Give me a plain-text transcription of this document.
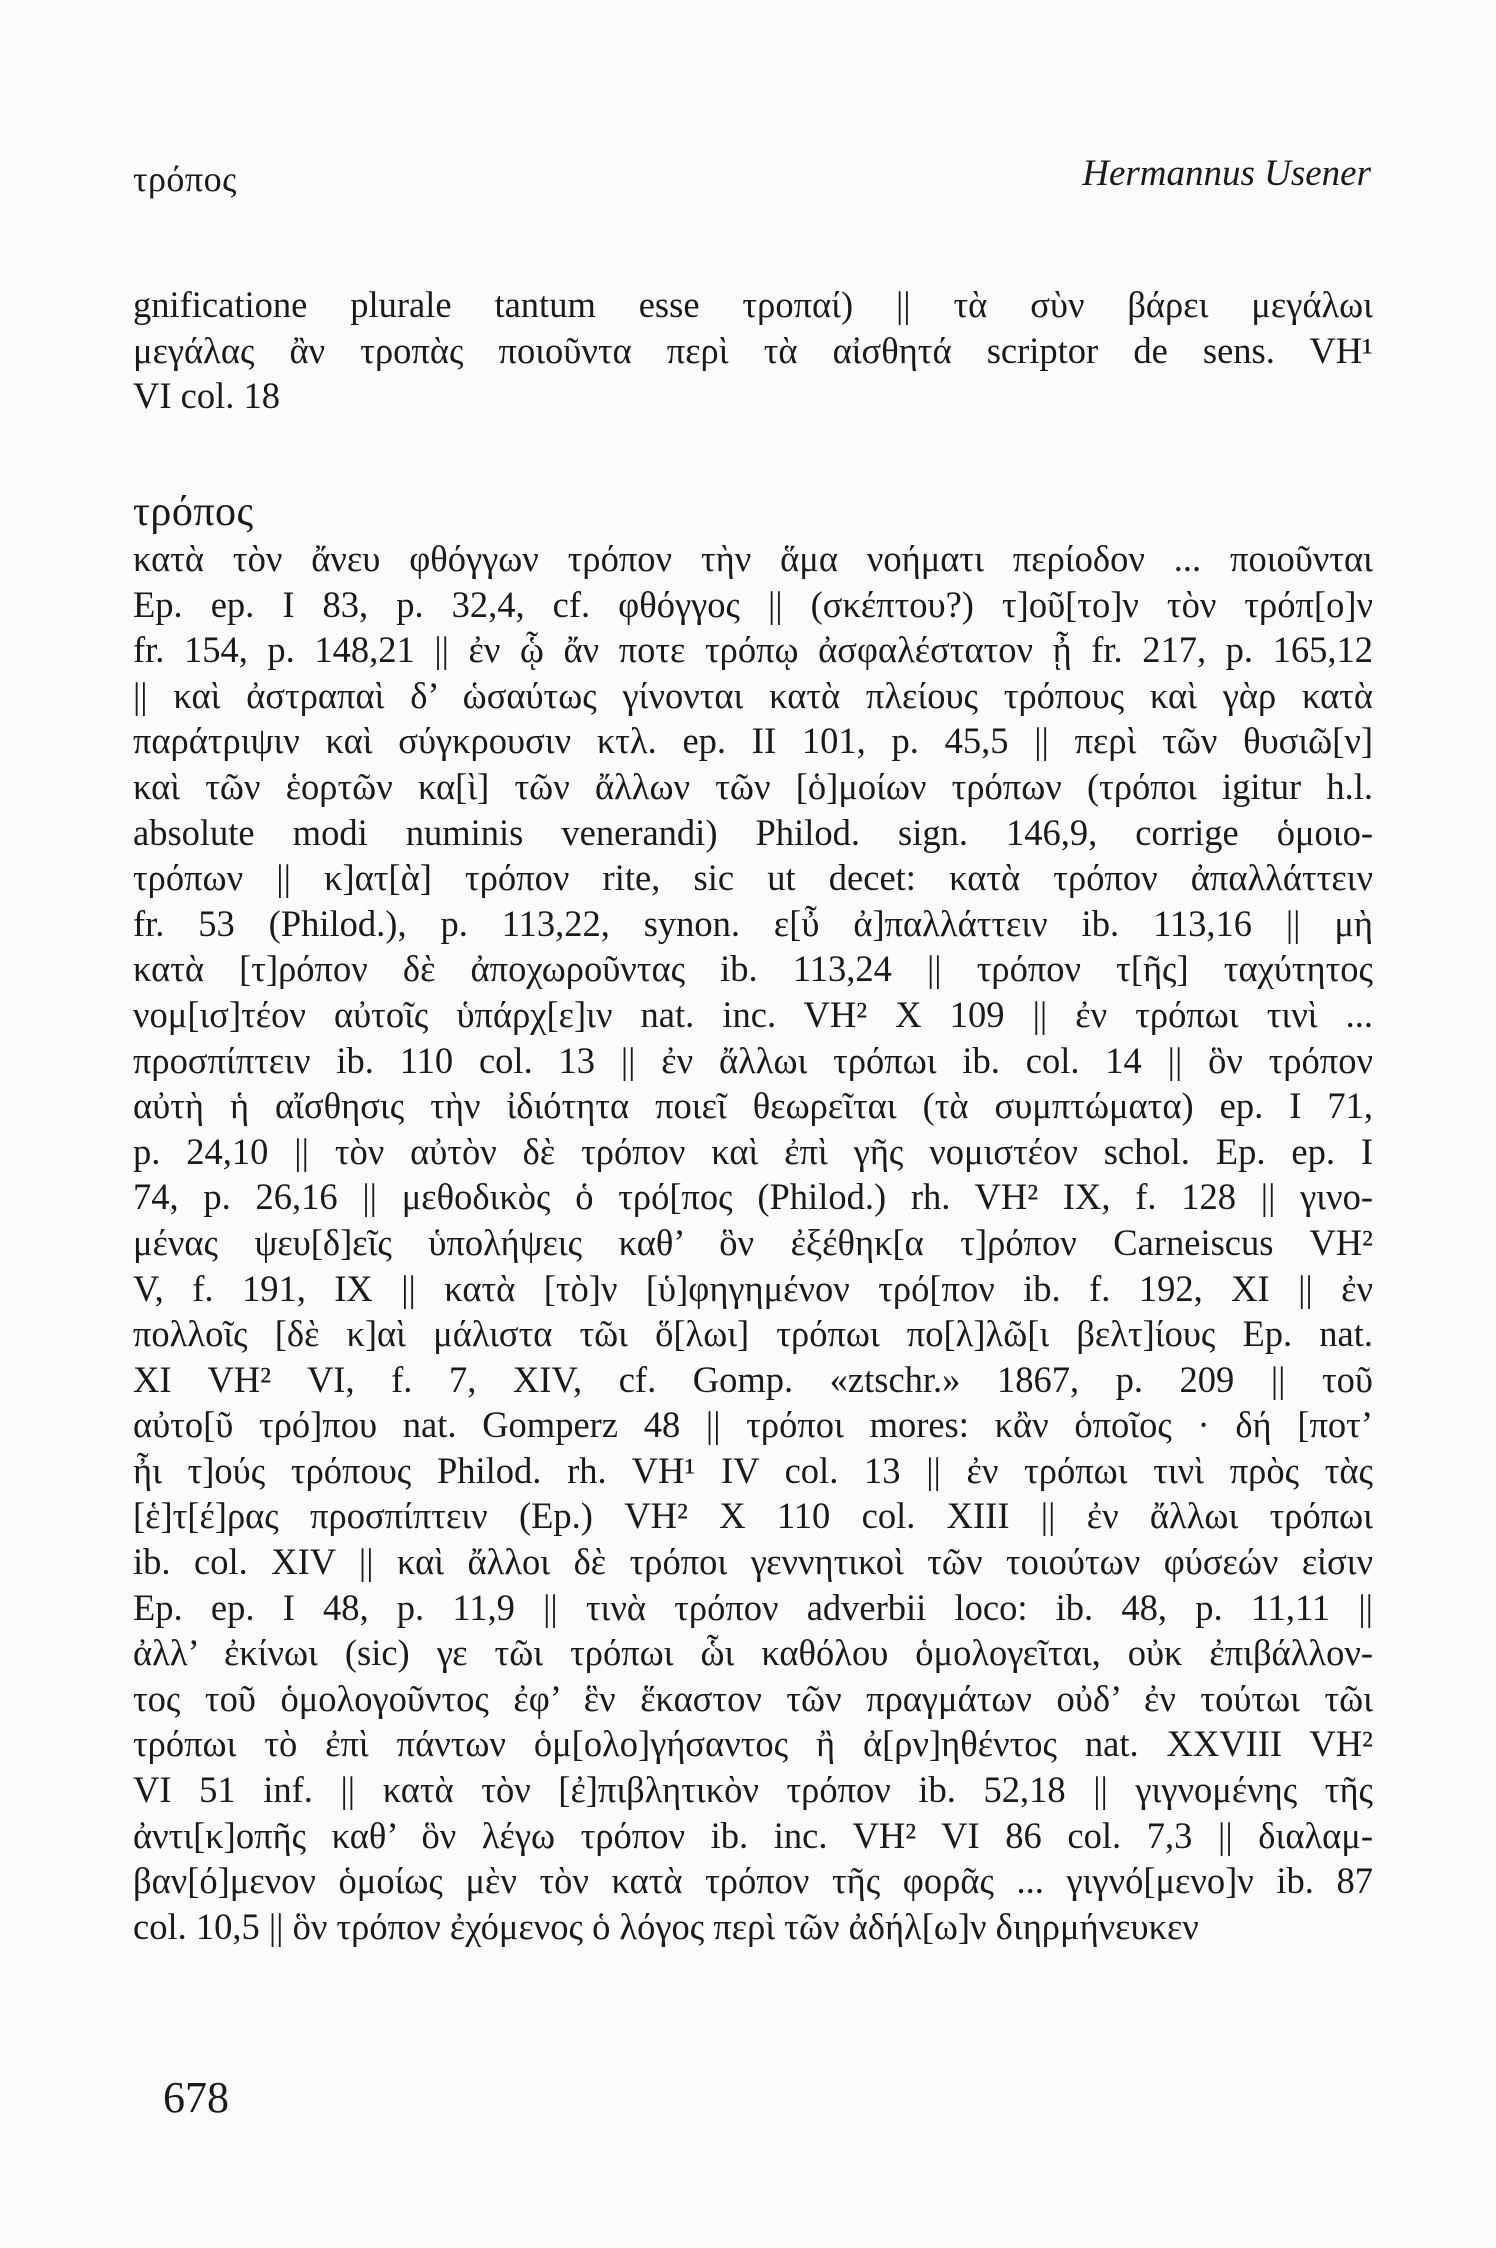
τρόπος	Hermannus Usener
gnificatione plurale tantum esse τροπαί) || τὰ σὺν βάρει μεγάλωι
μεγάλας ἂν τροπὰς ποιοῦντα περὶ τὰ αἰσθητά scriptor de sens. VH¹
VI col. 18
τρόπος
κατὰ τὸν ἄνευ φθόγγων τρόπον τὴν ἅμα νοήματι περίοδον ... ποιοῦνται
Ep. ep. I 83, p. 32,4, cf. φθόγγος || (σκέπτου?) τ]οῦ[το]ν τὸν τρόπ[ο]ν
fr. 154, p. 148,21 || ἐν ᾧ ἄν ποτε τρόπῳ ἀσφαλέστατον ᾖ fr. 217, p. 165,12
|| καὶ ἀστραπαὶ δ’ ὡσαύτως γίνονται κατὰ πλείους τρόπους καὶ γὰρ κατὰ
παράτριψιν καὶ σύγκρουσιν κτλ. ep. II 101, p. 45,5 || περὶ τῶν θυσιῶ[ν]
καὶ τῶν ἑορτῶν κα[ὶ] τῶν ἄλλων τῶν [ὁ]μοίων τρόπων (τρόποι igitur h.l.
absolute modi numinis venerandi) Philod. sign. 146,9, corrige ὁμοιο-
τρόπων || κ]ατ[ὰ] τρόπον rite, sic ut decet: κατὰ τρόπον ἀπαλλάττειν
fr. 53 (Philod.), p. 113,22, synon. ε[ὖ ἀ]παλλάττειν ib. 113,16 || μὴ
κατὰ [τ]ρόπον δὲ ἀποχωροῦντας ib. 113,24 || τρόπον τ[ῆς] ταχύτητος
νομ[ισ]τέον αὐτοῖς ὑπάρχ[ε]ιν nat. inc. VH² X 109 || ἐν τρόπωι τινὶ ...
προσπίπτειν ib. 110 col. 13 || ἐν ἄλλωι τρόπωι ib. col. 14 || ὃν τρόπον
αὐτὴ ἡ αἴσθησις τὴν ἰδιότητα ποιεῖ θεωρεῖται (τὰ συμπτώματα) ep. I 71,
p. 24,10 || τὸν αὐτὸν δὲ τρόπον καὶ ἐπὶ γῆς νομιστέον schol. Ep. ep. I
74, p. 26,16 || μεθοδικὸς ὁ τρό[πος (Philod.) rh. VH² IX, f. 128 || γινο-
μένας ψευ[δ]εῖς ὑπολήψεις καθ’ ὃν ἐξέθηκ[α τ]ρόπον Carneiscus VH²
V, f. 191, IX || κατὰ [τὸ]ν [ὑ]φηγημένον τρό[πον ib. f. 192, XI || ἐν
πολλοῖς [δὲ κ]αὶ μάλιστα τῶι ὅ[λωι] τρόπωι πο[λ]λῶ[ι βελτ]ίους Ep. nat.
XI VH² VI, f. 7, XIV, cf. Gomp. «ztschr.» 1867, p. 209 || τοῦ
αὐτο[ῦ τρό]που nat. Gomperz 48 || τρόποι mores: κἂν ὁποῖος · δή [ποτ’
ἦι τ]ούς τρόπους Philod. rh. VH¹ IV col. 13 || ἐν τρόπωι τινὶ πρὸς τὰς
[ἑ]τ[έ]ρας προσπίπτειν (Ep.) VH² X 110 col. XIII || ἐν ἄλλωι τρόπωι
ib. col. XIV || καὶ ἄλλοι δὲ τρόποι γεννητικοὶ τῶν τοιούτων φύσεών εἰσιν
Ep. ep. I 48, p. 11,9 || τινὰ τρόπον adverbii loco: ib. 48, p. 11,11 ||
ἀλλ’ ἐκίνωι (sic) γε τῶι τρόπωι ὧι καθόλου ὁμολογεῖται, οὐκ ἐπιβάλλον-
τος τοῦ ὁμολογοῦντος ἐφ’ ἓν ἕκαστον τῶν πραγμάτων οὐδ’ ἐν τούτωι τῶι
τρόπωι τὸ ἐπὶ πάντων ὁμ[ολο]γήσαντος ἢ ἀ[ρν]ηθέντος nat. XXVIII VH²
VI 51 inf. || κατὰ τὸν [ἐ]πιβλητικὸν τρόπον ib. 52,18 || γιγνομένης τῆς
ἀντι[κ]οπῆς καθ’ ὃν λέγω τρόπον ib. inc. VH² VI 86 col. 7,3 || διαλαμ-
βαν[ό]μενον ὁμοίως μὲν τὸν κατὰ τρόπον τῆς φορᾶς ... γιγνό[μενο]ν ib. 87
col. 10,5 || ὃν τρόπον ἐχόμενος ὁ λόγος περὶ τῶν ἀδήλ[ω]ν διηρμήνευκεν
678
